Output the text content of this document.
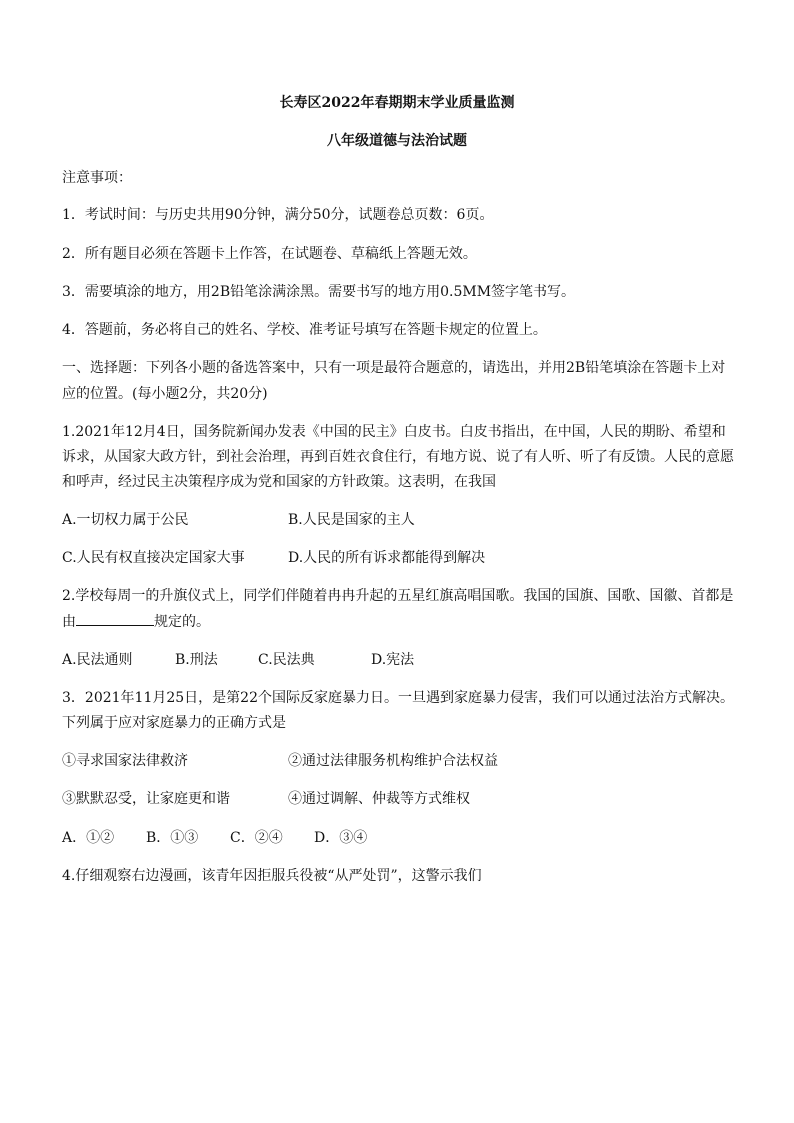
长寿区2022年春期期末学业质量监测
八年级道德与法治试题
注意事项：
1．考试时间：与历史共用90分钟，满分50分，试题卷总页数：6页。
2．所有题目必须在答题卡上作答，在试题卷、草稿纸上答题无效。
3．需要填涂的地方，用2B铅笔涂满涂黑。需要书写的地方用0.5MM签字笔书写。
4．答题前，务必将自己的姓名、学校、准考证号填写在答题卡规定的位置上。
一、选择题：下列各小题的备选答案中，只有一项是最符合题意的，请选出，并用2B铅笔填涂在答题卡上对
应的位置。(每小题2分，共20分)
1.2021年12月4日，国务院新闻办发表《中国的民主》白皮书。白皮书指出，在中国，人民的期盼、希望和
诉求，从国家大政方针，到社会治理，再到百姓衣食住行，有地方说、说了有人听、听了有反馈。人民的意愿
和呼声，经过民主决策程序成为党和国家的方针政策。这表明，在我国
A.一切权力属于公民	B.人民是国家的主人
C.人民有权直接决定国家大事	D.人民的所有诉求都能得到解决
2.学校每周一的升旗仪式上，同学们伴随着冉冉升起的五星红旗高唱国歌。我国的国旗、国歌、国徽、首都是
由	规定的。
A.民法通则	B.刑法	C.民法典	D.宪法
3．2021年11月25日，是第22个国际反家庭暴力日。一旦遇到家庭暴力侵害，我们可以通过法治方式解决。
下列属于应对家庭暴力的正确方式是
①寻求国家法律救济	②通过法律服务机构维护合法权益
③默默忍受，让家庭更和谐	④通过调解、仲裁等方式维权
A．①② B．①③ C．②④ D．③④
4.仔细观察右边漫画，该青年因拒服兵役被“从严处罚”，这警示我们
